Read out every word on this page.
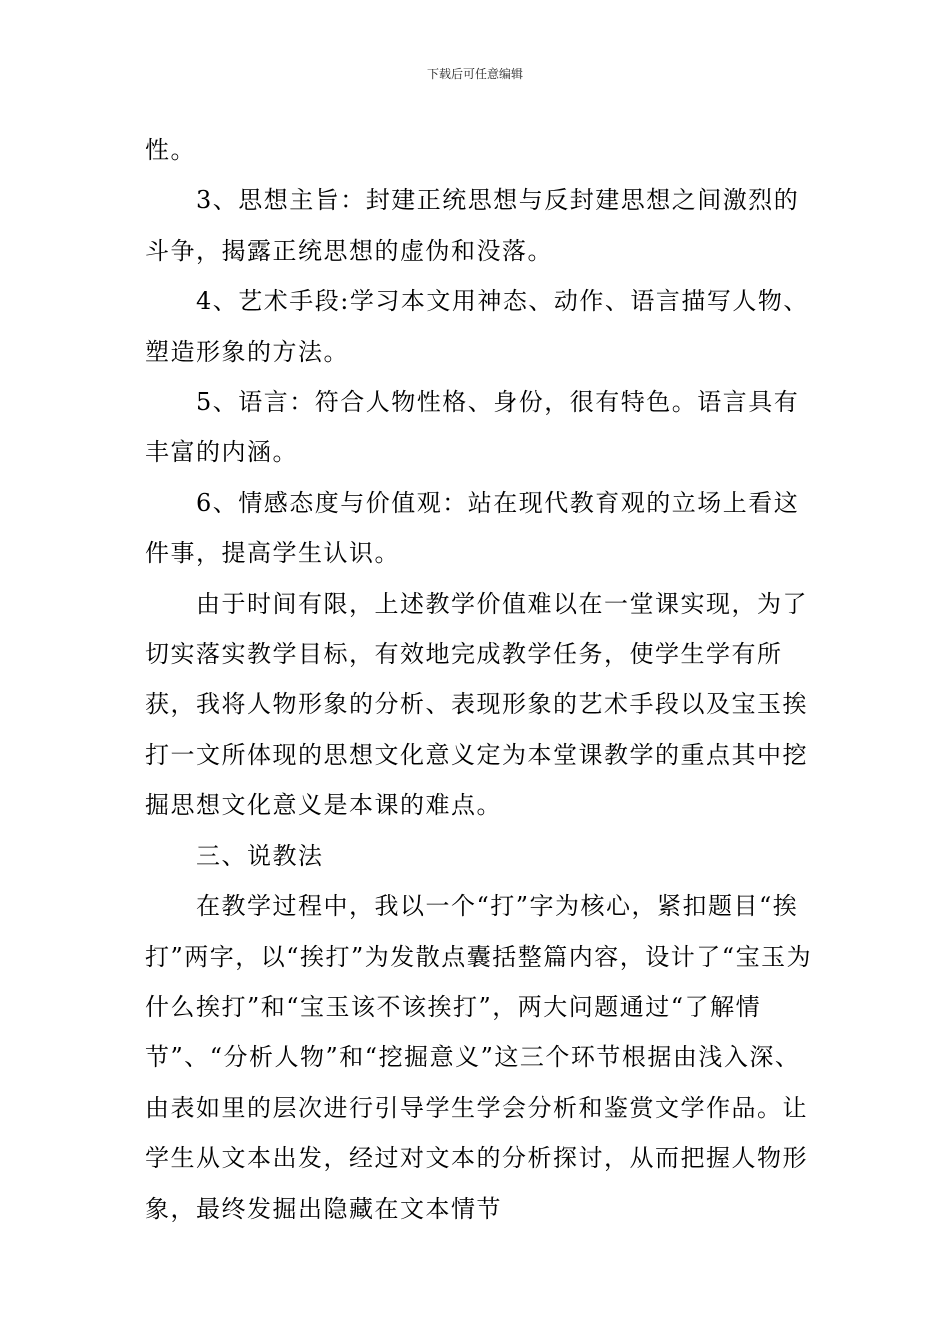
下载后可任意编辑

性。

3、思想主旨：封建正统思想与反封建思想之间激烈的斗争，揭露正统思想的虚伪和没落。

4、艺术手段:学习本文用神态、动作、语言描写人物、塑造形象的方法。

5、语言：符合人物性格、身份，很有特色。语言具有丰富的内涵。

6、情感态度与价值观：站在现代教育观的立场上看这件事，提高学生认识。

由于时间有限，上述教学价值难以在一堂课实现，为了切实落实教学目标，有效地完成教学任务，使学生学有所获，我将人物形象的分析、表现形象的艺术手段以及宝玉挨打一文所体现的思想文化意义定为本堂课教学的重点其中挖掘思想文化意义是本课的难点。

三、说教法

在教学过程中，我以一个“打”字为核心，紧扣题目“挨打”两字，以“挨打”为发散点囊括整篇内容，设计了“宝玉为什么挨打”和“宝玉该不该挨打”，两大问题通过“了解情节”、“分析人物”和“挖掘意义”这三个环节根据由浅入深、由表如里的层次进行引导学生学会分析和鉴赏文学作品。让学生从文本出发，经过对文本的分析探讨，从而把握人物形象，最终发掘出隐藏在文本情节
